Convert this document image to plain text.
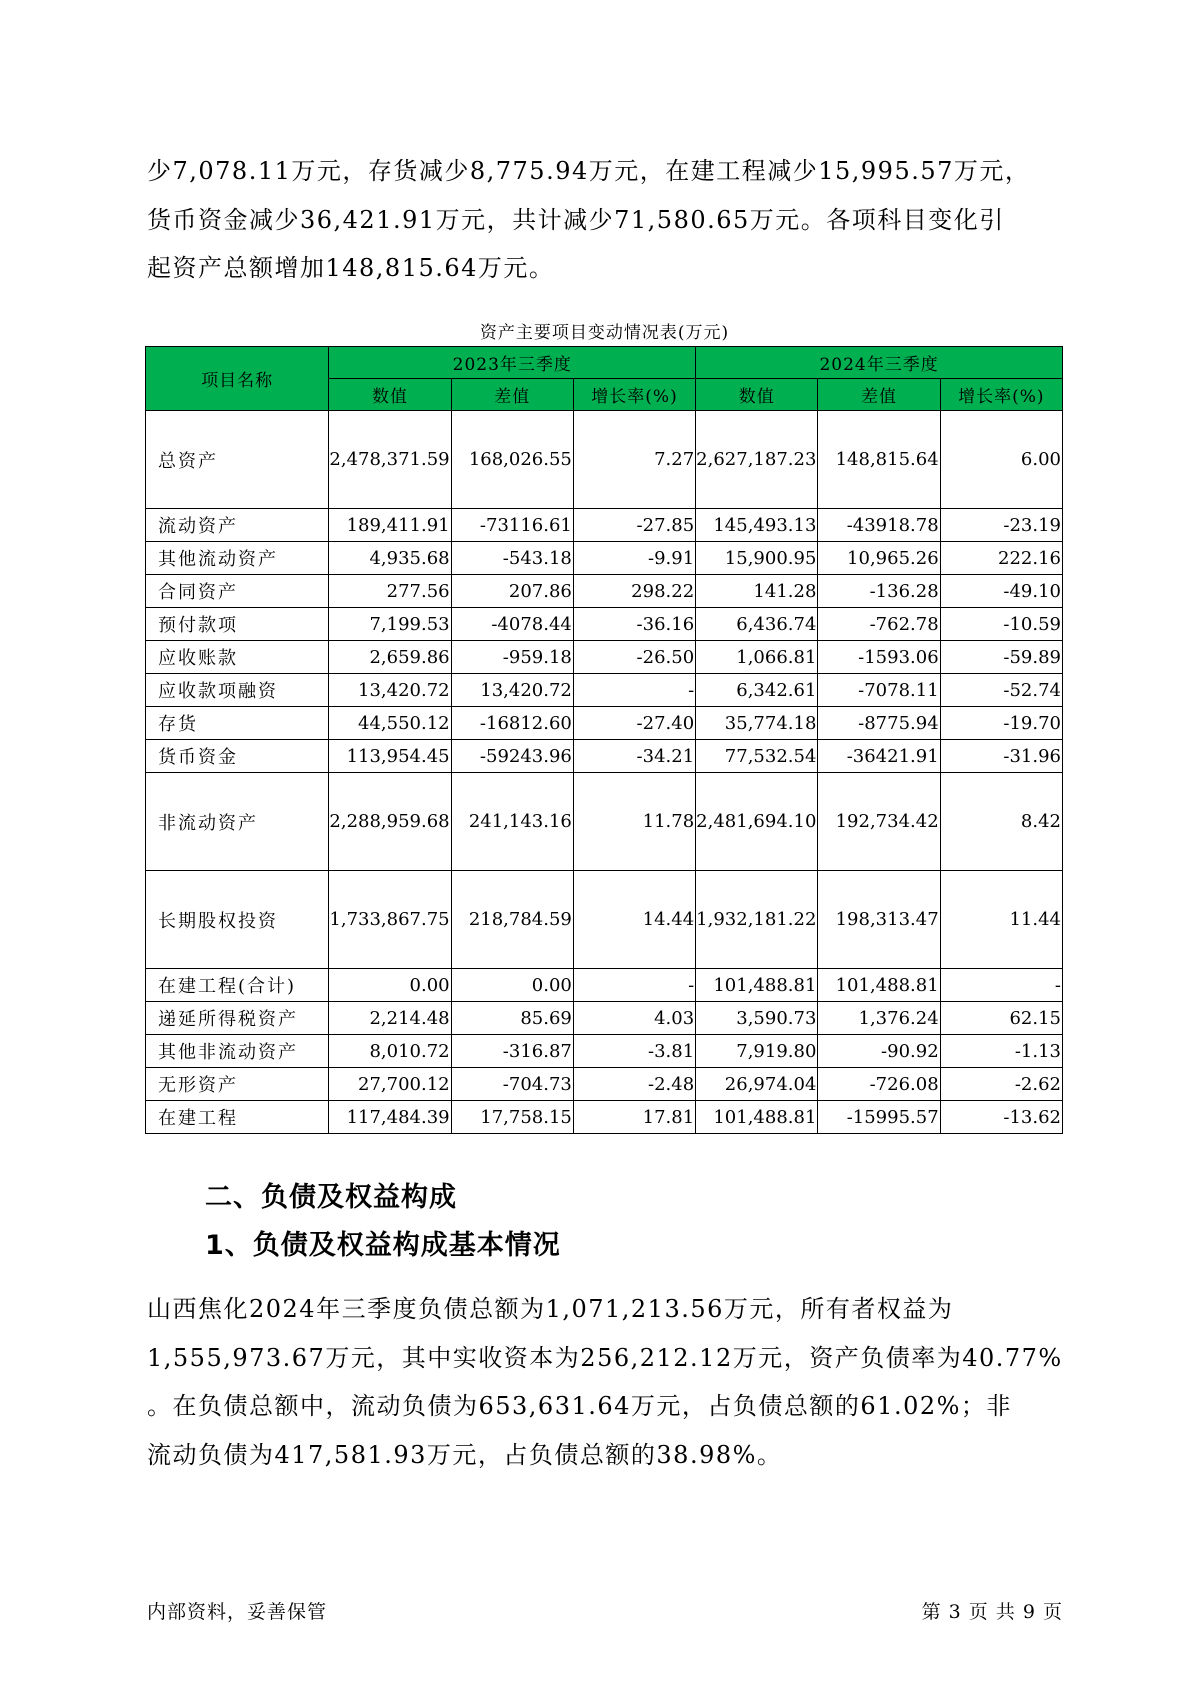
少7,078.11万元，存货减少8,775.94万元，在建工程减少15,995.57万元，
货币资金减少36,421.91万元，共计减少71,580.65万元。各项科目变化引
起资产总额增加148,815.64万元。

资产主要项目变动情况表(万元)
项目名称	2023年三季度			2024年三季度		
	数值	差值	增长率(%)	数值	差值	增长率(%)
总资产	2,478,371.59	168,026.55	7.27	2,627,187.23	148,815.64	6.00
流动资产	189,411.91	-73116.61	-27.85	145,493.13	-43918.78	-23.19
其他流动资产	4,935.68	-543.18	-9.91	15,900.95	10,965.26	222.16
合同资产	277.56	207.86	298.22	141.28	-136.28	-49.10
预付款项	7,199.53	-4078.44	-36.16	6,436.74	-762.78	-10.59
应收账款	2,659.86	-959.18	-26.50	1,066.81	-1593.06	-59.89
应收款项融资	13,420.72	13,420.72	-	6,342.61	-7078.11	-52.74
存货	44,550.12	-16812.60	-27.40	35,774.18	-8775.94	-19.70
货币资金	113,954.45	-59243.96	-34.21	77,532.54	-36421.91	-31.96
非流动资产	2,288,959.68	241,143.16	11.78	2,481,694.10	192,734.42	8.42
长期股权投资	1,733,867.75	218,784.59	14.44	1,932,181.22	198,313.47	11.44
在建工程(合计)	0.00	0.00	-	101,488.81	101,488.81	-
递延所得税资产	2,214.48	85.69	4.03	3,590.73	1,376.24	62.15
其他非流动资产	8,010.72	-316.87	-3.81	7,919.80	-90.92	-1.13
无形资产	27,700.12	-704.73	-2.48	26,974.04	-726.08	-2.62
在建工程	117,484.39	17,758.15	17.81	101,488.81	-15995.57	-13.62
二、负债及权益构成
1、负债及权益构成基本情况

山西焦化2024年三季度负债总额为1,071,213.56万元，所有者权益为
1,555,973.67万元，其中实收资本为256,212.12万元，资产负债率为40.77%
。在负债总额中，流动负债为653,631.64万元，占负债总额的61.02%；非
流动负债为417,581.93万元，占负债总额的38.98%。

内部资料，妥善保管	第 3 页 共 9 页
